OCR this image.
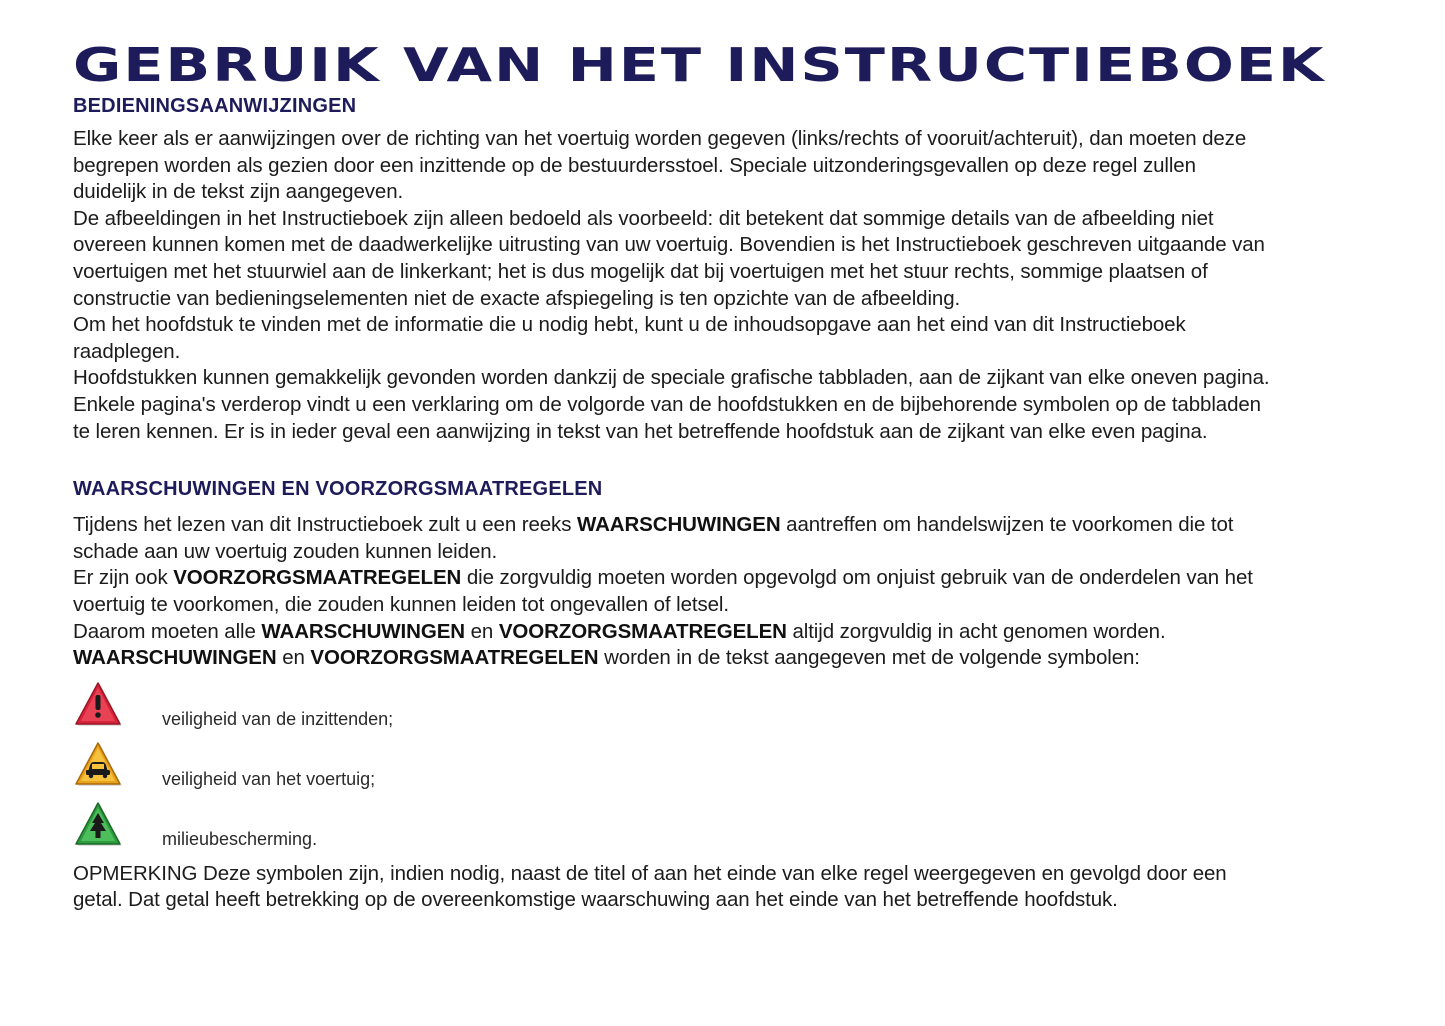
GEBRUIK VAN HET INSTRUCTIEBOEK
BEDIENINGSAANWIJZINGEN

Elke keer als er aanwijzingen over de richting van het voertuig worden gegeven (links/rechts of vooruit/achteruit), dan moeten deze begrepen worden als gezien door een inzittende op de bestuurdersstoel. Speciale uitzonderingsgevallen op deze regel zullen duidelijk in de tekst zijn aangegeven.

De afbeeldingen in het Instructieboek zijn alleen bedoeld als voorbeeld: dit betekent dat sommige details van de afbeelding niet overeen kunnen komen met de daadwerkelijke uitrusting van uw voertuig. Bovendien is het Instructieboek geschreven uitgaande van voertuigen met het stuurwiel aan de linkerkant; het is dus mogelijk dat bij voertuigen met het stuur rechts, sommige plaatsen of constructie van bedieningselementen niet de exacte afspiegeling is ten opzichte van de afbeelding.

Om het hoofdstuk te vinden met de informatie die u nodig hebt, kunt u de inhoudsopgave aan het eind van dit Instructieboek raadplegen.

Hoofdstukken kunnen gemakkelijk gevonden worden dankzij de speciale grafische tabbladen, aan de zijkant van elke oneven pagina. Enkele pagina's verderop vindt u een verklaring om de volgorde van de hoofdstukken en de bijbehorende symbolen op de tabbladen te leren kennen. Er is in ieder geval een aanwijzing in tekst van het betreffende hoofdstuk aan de zijkant van elke even pagina.

WAARSCHUWINGEN EN VOORZORGSMAATREGELEN

Tijdens het lezen van dit Instructieboek zult u een reeks WAARSCHUWINGEN aantreffen om handelswijzen te voorkomen die tot schade aan uw voertuig zouden kunnen leiden.

Er zijn ook VOORZORGSMAATREGELEN die zorgvuldig moeten worden opgevolgd om onjuist gebruik van de onderdelen van het voertuig te voorkomen, die zouden kunnen leiden tot ongevallen of letsel.

Daarom moeten alle WAARSCHUWINGEN en VOORZORGSMAATREGELEN altijd zorgvuldig in acht genomen worden.

WAARSCHUWINGEN en VOORZORGSMAATREGELEN worden in de tekst aangegeven met de volgende symbolen:

veiligheid van de inzittenden;
veiligheid van het voertuig;
milieubescherming.

OPMERKING Deze symbolen zijn, indien nodig, naast de titel of aan het einde van elke regel weergegeven en gevolgd door een getal. Dat getal heeft betrekking op de overeenkomstige waarschuwing aan het einde van het betreffende hoofdstuk.
